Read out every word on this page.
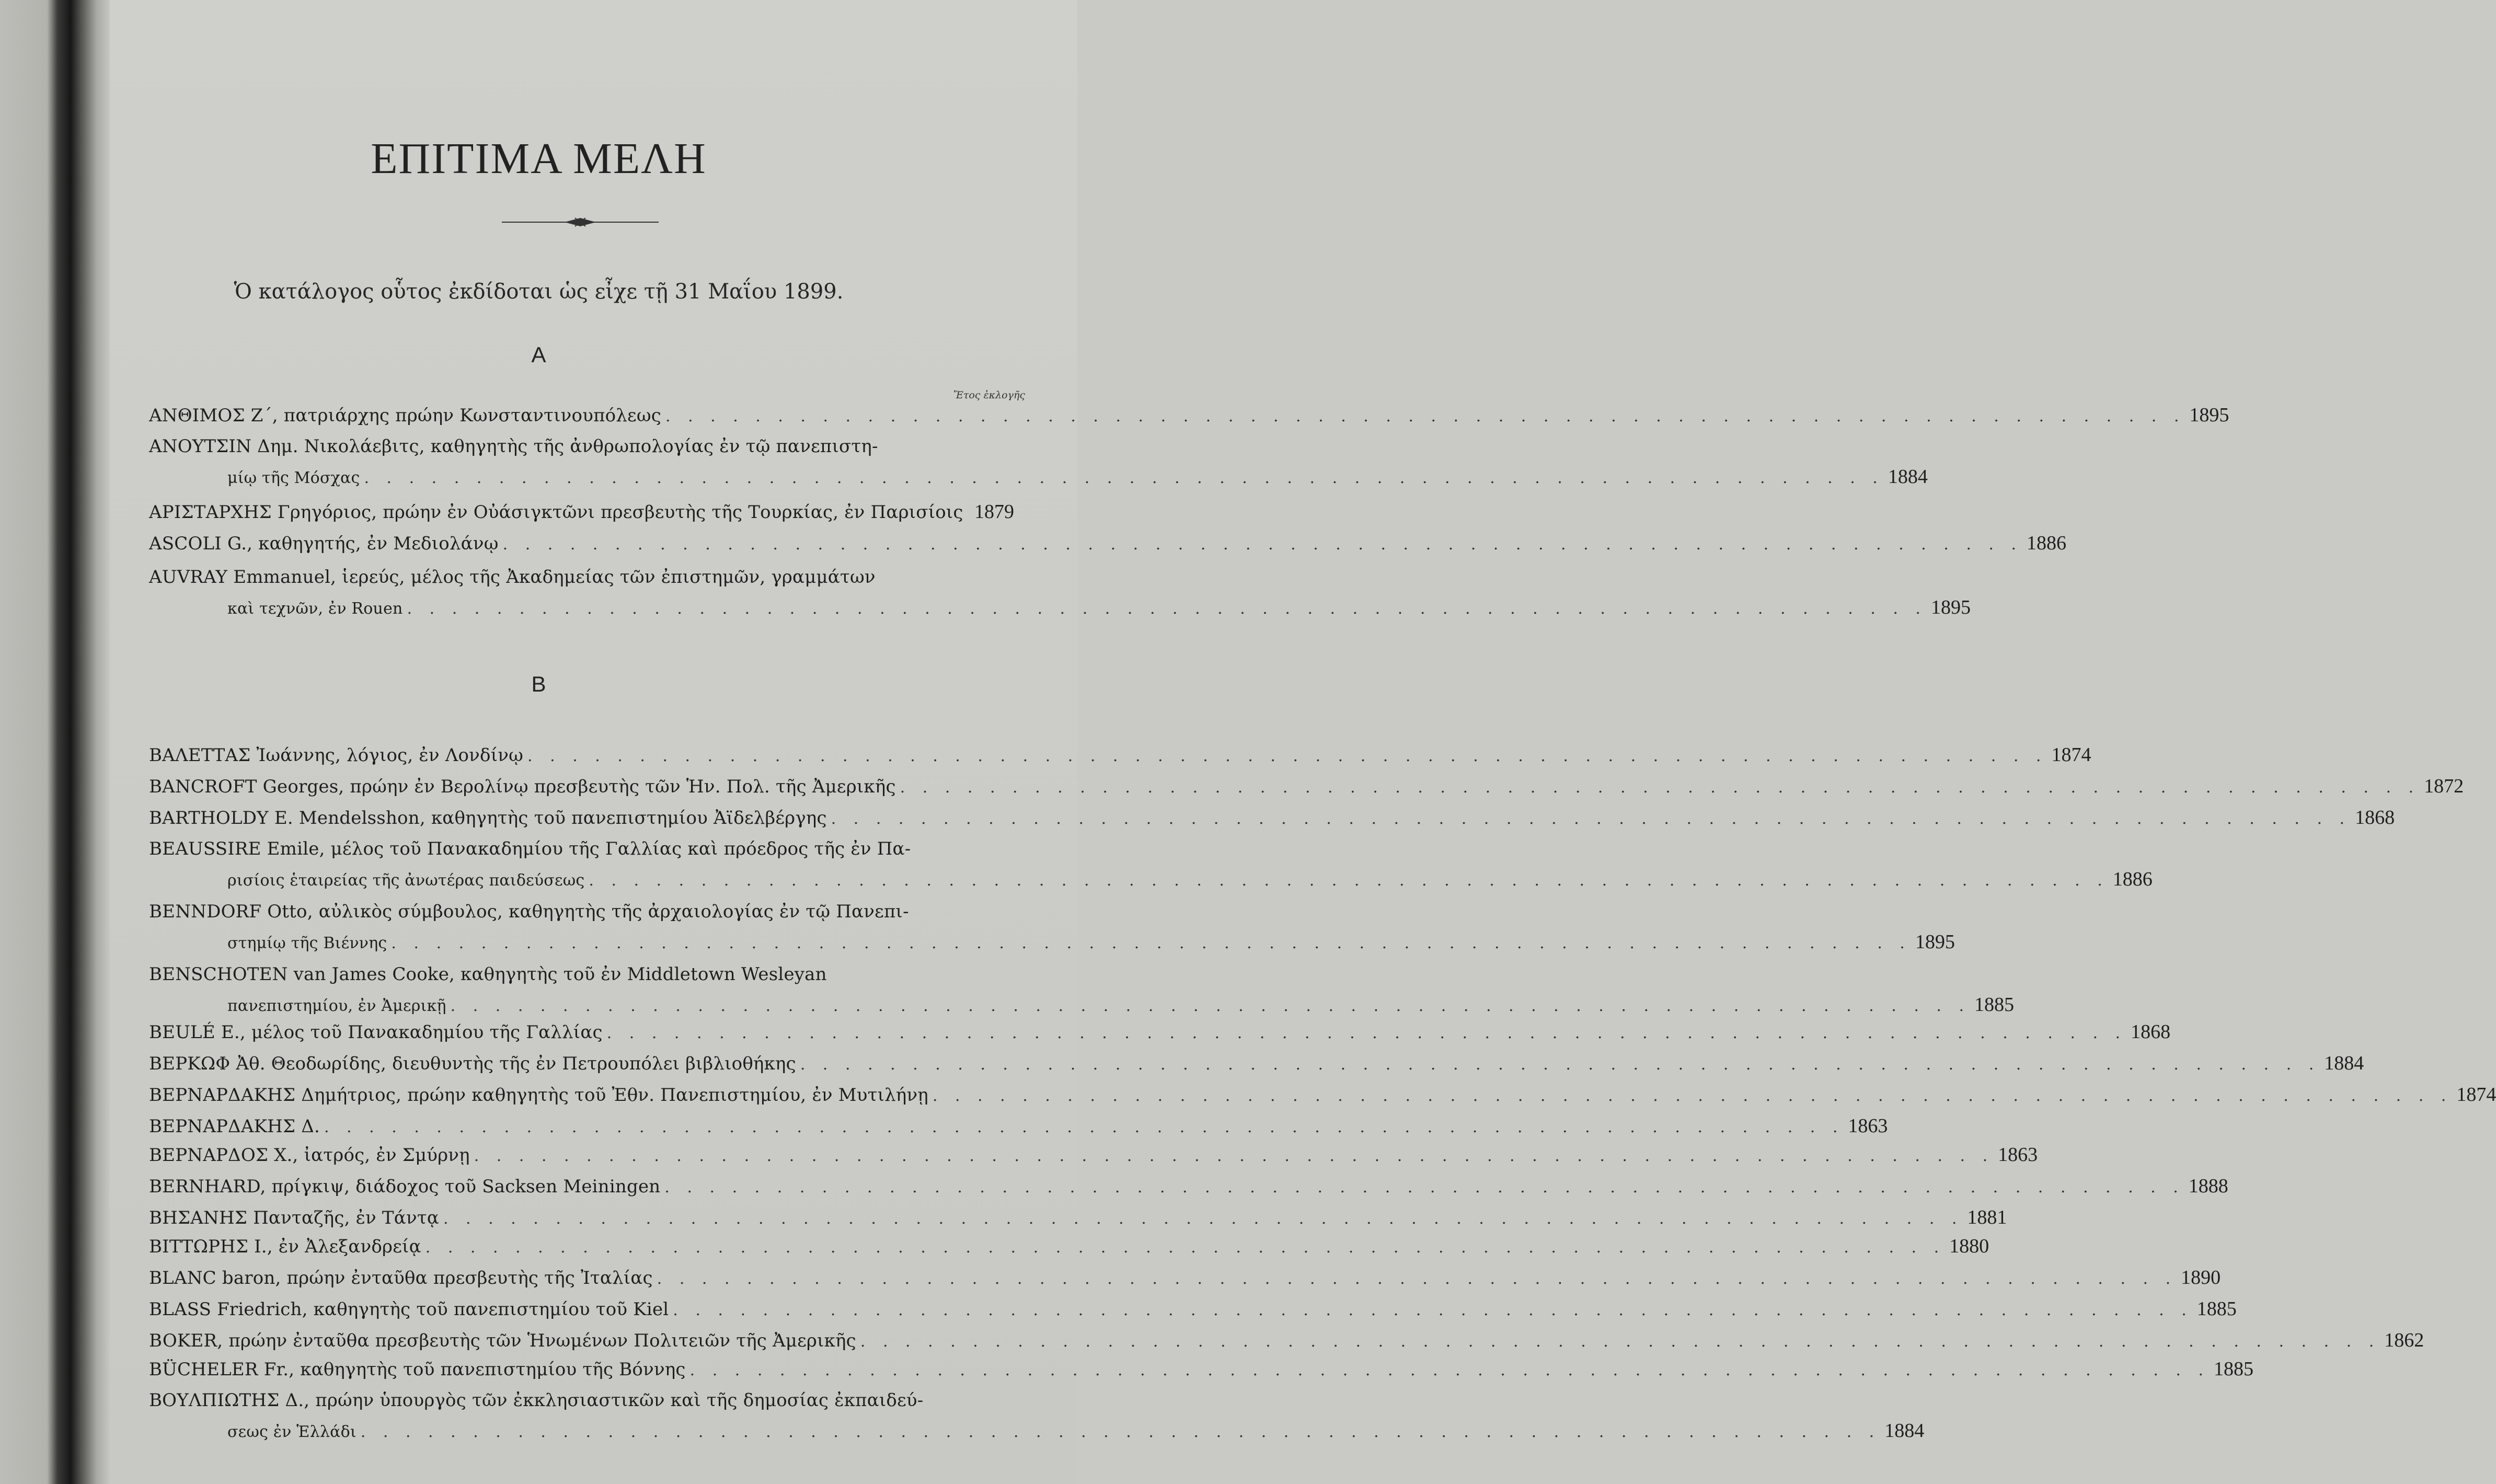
ΕΠΙΤΙΜΑ ΜΕΛΗ
Ὁ κατάλογος οὗτος ἐκδίδοται ὡς εἶχε τῇ 31 Μαΐου 1899.
Ἔτος ἐκλογῆς
Α
ΑΝΘΙΜΟΣ Ζ΄, πατριάρχης πρώην Κωνσταντινουπόλεως . . . . . . . . . . . . . . . . . . . . . . . . . . . . . . . . . . . . . . . . . . . . . . . . . . . . . . . . . . . . . . . . . . . . 1895
ΑΝΟΥΤΣΙΝ Δημ. Νικολάεβιτς, καθηγητὴς τῆς ἀνθρωπολογίας ἐν τῷ πανεπιστη-
μίῳ τῆς Μόσχας . . . . . . . . . . . . . . . . . . . . . . . . . . . . . . . . . . . . . . . . . . . . . . . . . . . . . . . . . . . . . . . . . . . . 1884
ΑΡΙΣΤΑΡΧΗΣ Γρηγόριος, πρώην ἐν Οὐάσιγκτῶνι πρεσβευτὴς τῆς Τουρκίας, ἐν Παρισίοις 1879
ASCOLI G., καθηγητής, ἐν Μεδιολάνῳ . . . . . . . . . . . . . . . . . . . . . . . . . . . . . . . . . . . . . . . . . . . . . . . . . . . . . . . . . . . . . . . . . . . . 1886
AUVRAY Emmanuel, ἱερεύς, μέλος τῆς Ἀκαδημείας τῶν ἐπιστημῶν, γραμμάτων
καὶ τεχνῶν, ἐν Rouen . . . . . . . . . . . . . . . . . . . . . . . . . . . . . . . . . . . . . . . . . . . . . . . . . . . . . . . . . . . . . . . . . . . . 1895
Β
ΒΑΛΕΤΤΑΣ Ἰωάννης, λόγιος, ἐν Λονδίνῳ . . . . . . . . . . . . . . . . . . . . . . . . . . . . . . . . . . . . . . . . . . . . . . . . . . . . . . . . . . . . . . . . . . . . 1874
BANCROFT Georges, πρώην ἐν Βερολίνῳ πρεσβευτὴς τῶν Ἡν. Πολ. τῆς Ἀμερικῆς . . . . . . . . . . . . . . . . . . . . . . . . . . . . . . . . . . . . . . . . . . . . . . . . . . . . . . . . . . . . . . . . . . . . 1872
BARTHOLDY E. Mendelsshon, καθηγητὴς τοῦ πανεπιστημίου Ἀϊδελβέργης . . . . . . . . . . . . . . . . . . . . . . . . . . . . . . . . . . . . . . . . . . . . . . . . . . . . . . . . . . . . . . . . . . . . 1868
BEAUSSIRE Emile, μέλος τοῦ Πανακαδημίου τῆς Γαλλίας καὶ πρόεδρος τῆς ἐν Πα-
ρισίοις ἑταιρείας τῆς ἀνωτέρας παιδεύσεως . . . . . . . . . . . . . . . . . . . . . . . . . . . . . . . . . . . . . . . . . . . . . . . . . . . . . . . . . . . . . . . . . . . . 1886
BENNDORF Otto, αὐλικὸς σύμβουλος, καθηγητὴς τῆς ἀρχαιολογίας ἐν τῷ Πανεπι-
στημίῳ τῆς Βιέννης . . . . . . . . . . . . . . . . . . . . . . . . . . . . . . . . . . . . . . . . . . . . . . . . . . . . . . . . . . . . . . . . . . . . 1895
BENSCHOTEN van James Cooke, καθηγητὴς τοῦ ἐν Middletown Wesleyan
πανεπιστημίου, ἐν Ἀμερικῇ . . . . . . . . . . . . . . . . . . . . . . . . . . . . . . . . . . . . . . . . . . . . . . . . . . . . . . . . . . . . . . . . . . . . 1885
BEULÉ E., μέλος τοῦ Πανακαδημίου τῆς Γαλλίας . . . . . . . . . . . . . . . . . . . . . . . . . . . . . . . . . . . . . . . . . . . . . . . . . . . . . . . . . . . . . . . . . . . . 1868
ΒΕΡΚΩΦ Ἀθ. Θεοδωρίδης, διευθυντὴς τῆς ἐν Πετρουπόλει βιβλιοθήκης . . . . . . . . . . . . . . . . . . . . . . . . . . . . . . . . . . . . . . . . . . . . . . . . . . . . . . . . . . . . . . . . . . . . 1884
ΒΕΡΝΑΡΔΑΚΗΣ Δημήτριος, πρώην καθηγητὴς τοῦ Ἐθν. Πανεπιστημίου, ἐν Μυτιλήνῃ . . . . . . . . . . . . . . . . . . . . . . . . . . . . . . . . . . . . . . . . . . . . . . . . . . . . . . . . . . . . . . . . . . . . 1874
ΒΕΡΝΑΡΔΑΚΗΣ Δ. . . . . . . . . . . . . . . . . . . . . . . . . . . . . . . . . . . . . . . . . . . . . . . . . . . . . . . . . . . . . . . . . . . . . 1863
ΒΕΡΝΑΡΔΟΣ Χ., ἰατρός, ἐν Σμύρνῃ . . . . . . . . . . . . . . . . . . . . . . . . . . . . . . . . . . . . . . . . . . . . . . . . . . . . . . . . . . . . . . . . . . . . 1863
BERNHARD, πρίγκιψ, διάδοχος τοῦ Sacksen Meiningen . . . . . . . . . . . . . . . . . . . . . . . . . . . . . . . . . . . . . . . . . . . . . . . . . . . . . . . . . . . . . . . . . . . . 1888
ΒΗΣΑΝΗΣ Πανταζῆς, ἐν Τάντᾳ . . . . . . . . . . . . . . . . . . . . . . . . . . . . . . . . . . . . . . . . . . . . . . . . . . . . . . . . . . . . . . . . . . . . 1881
ΒΙΤΤΩΡΗΣ Ι., ἐν Ἀλεξανδρείᾳ . . . . . . . . . . . . . . . . . . . . . . . . . . . . . . . . . . . . . . . . . . . . . . . . . . . . . . . . . . . . . . . . . . . . 1880
BLANC baron, πρώην ἐνταῦθα πρεσβευτὴς τῆς Ἰταλίας . . . . . . . . . . . . . . . . . . . . . . . . . . . . . . . . . . . . . . . . . . . . . . . . . . . . . . . . . . . . . . . . . . . . 1890
BLASS Friedrich, καθηγητὴς τοῦ πανεπιστημίου τοῦ Kiel . . . . . . . . . . . . . . . . . . . . . . . . . . . . . . . . . . . . . . . . . . . . . . . . . . . . . . . . . . . . . . . . . . . . 1885
BOKER, πρώην ἐνταῦθα πρεσβευτὴς τῶν Ἡνωμένων Πολιτειῶν τῆς Ἀμερικῆς . . . . . . . . . . . . . . . . . . . . . . . . . . . . . . . . . . . . . . . . . . . . . . . . . . . . . . . . . . . . . . . . . . . . 1862
BÜCHELER Fr., καθηγητὴς τοῦ πανεπιστημίου τῆς Βόννης . . . . . . . . . . . . . . . . . . . . . . . . . . . . . . . . . . . . . . . . . . . . . . . . . . . . . . . . . . . . . . . . . . . . 1885
ΒΟΥΛΠΙΩΤΗΣ Δ., πρώην ὑπουργὸς τῶν ἐκκλησιαστικῶν καὶ τῆς δημοσίας ἐκπαιδεύ-
σεως ἐν Ἑλλάδι . . . . . . . . . . . . . . . . . . . . . . . . . . . . . . . . . . . . . . . . . . . . . . . . . . . . . . . . . . . . . . . . . . . . 1884
